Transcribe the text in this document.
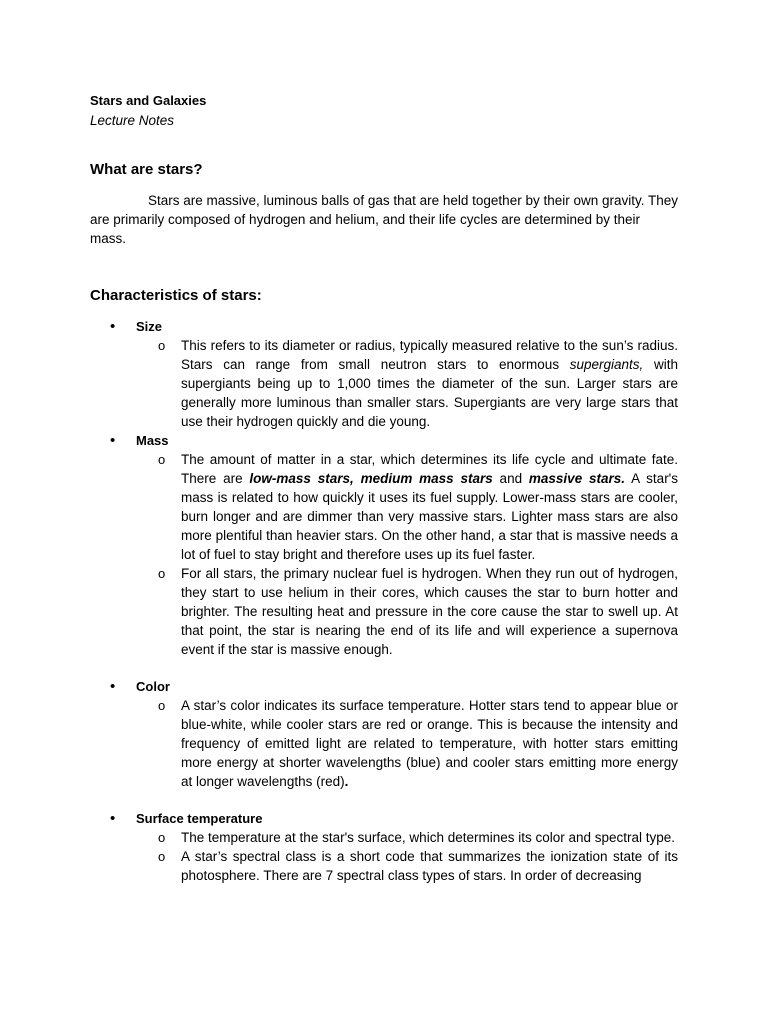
Stars and Galaxies
Lecture Notes
What are stars?

Stars are massive, luminous balls of gas that are held together by their own gravity. They are primarily composed of hydrogen and helium, and their life cycles are determined by their mass.

Characteristics of stars:
• Size
o This refers to its diameter or radius, typically measured relative to the sun’s radius. Stars can range from small neutron stars to enormous supergiants, with supergiants being up to 1,000 times the diameter of the sun. Larger stars are generally more luminous than smaller stars. Supergiants are very large stars that use their hydrogen quickly and die young.

• Mass
o The amount of matter in a star, which determines its life cycle and ultimate fate. There are low-mass stars, medium mass stars and massive stars. A star's mass is related to how quickly it uses its fuel supply. Lower-mass stars are cooler, burn longer and are dimmer than very massive stars. Lighter mass stars are also more plentiful than heavier stars. On the other hand, a star that is massive needs a lot of fuel to stay bright and therefore uses up its fuel faster.

o For all stars, the primary nuclear fuel is hydrogen. When they run out of hydrogen, they start to use helium in their cores, which causes the star to burn hotter and brighter. The resulting heat and pressure in the core cause the star to swell up. At that point, the star is nearing the end of its life and will experience a supernova event if the star is massive enough.

• Color
o A star’s color indicates its surface temperature. Hotter stars tend to appear blue or blue-white, while cooler stars are red or orange. This is because the intensity and frequency of emitted light are related to temperature, with hotter stars emitting more energy at shorter wavelengths (blue) and cooler stars emitting more energy at longer wavelengths (red).

• Surface temperature
o The temperature at the star's surface, which determines its color and spectral type.

o A star’s spectral class is a short code that summarizes the ionization state of its photosphere. There are 7 spectral class types of stars. In order of decreasing
